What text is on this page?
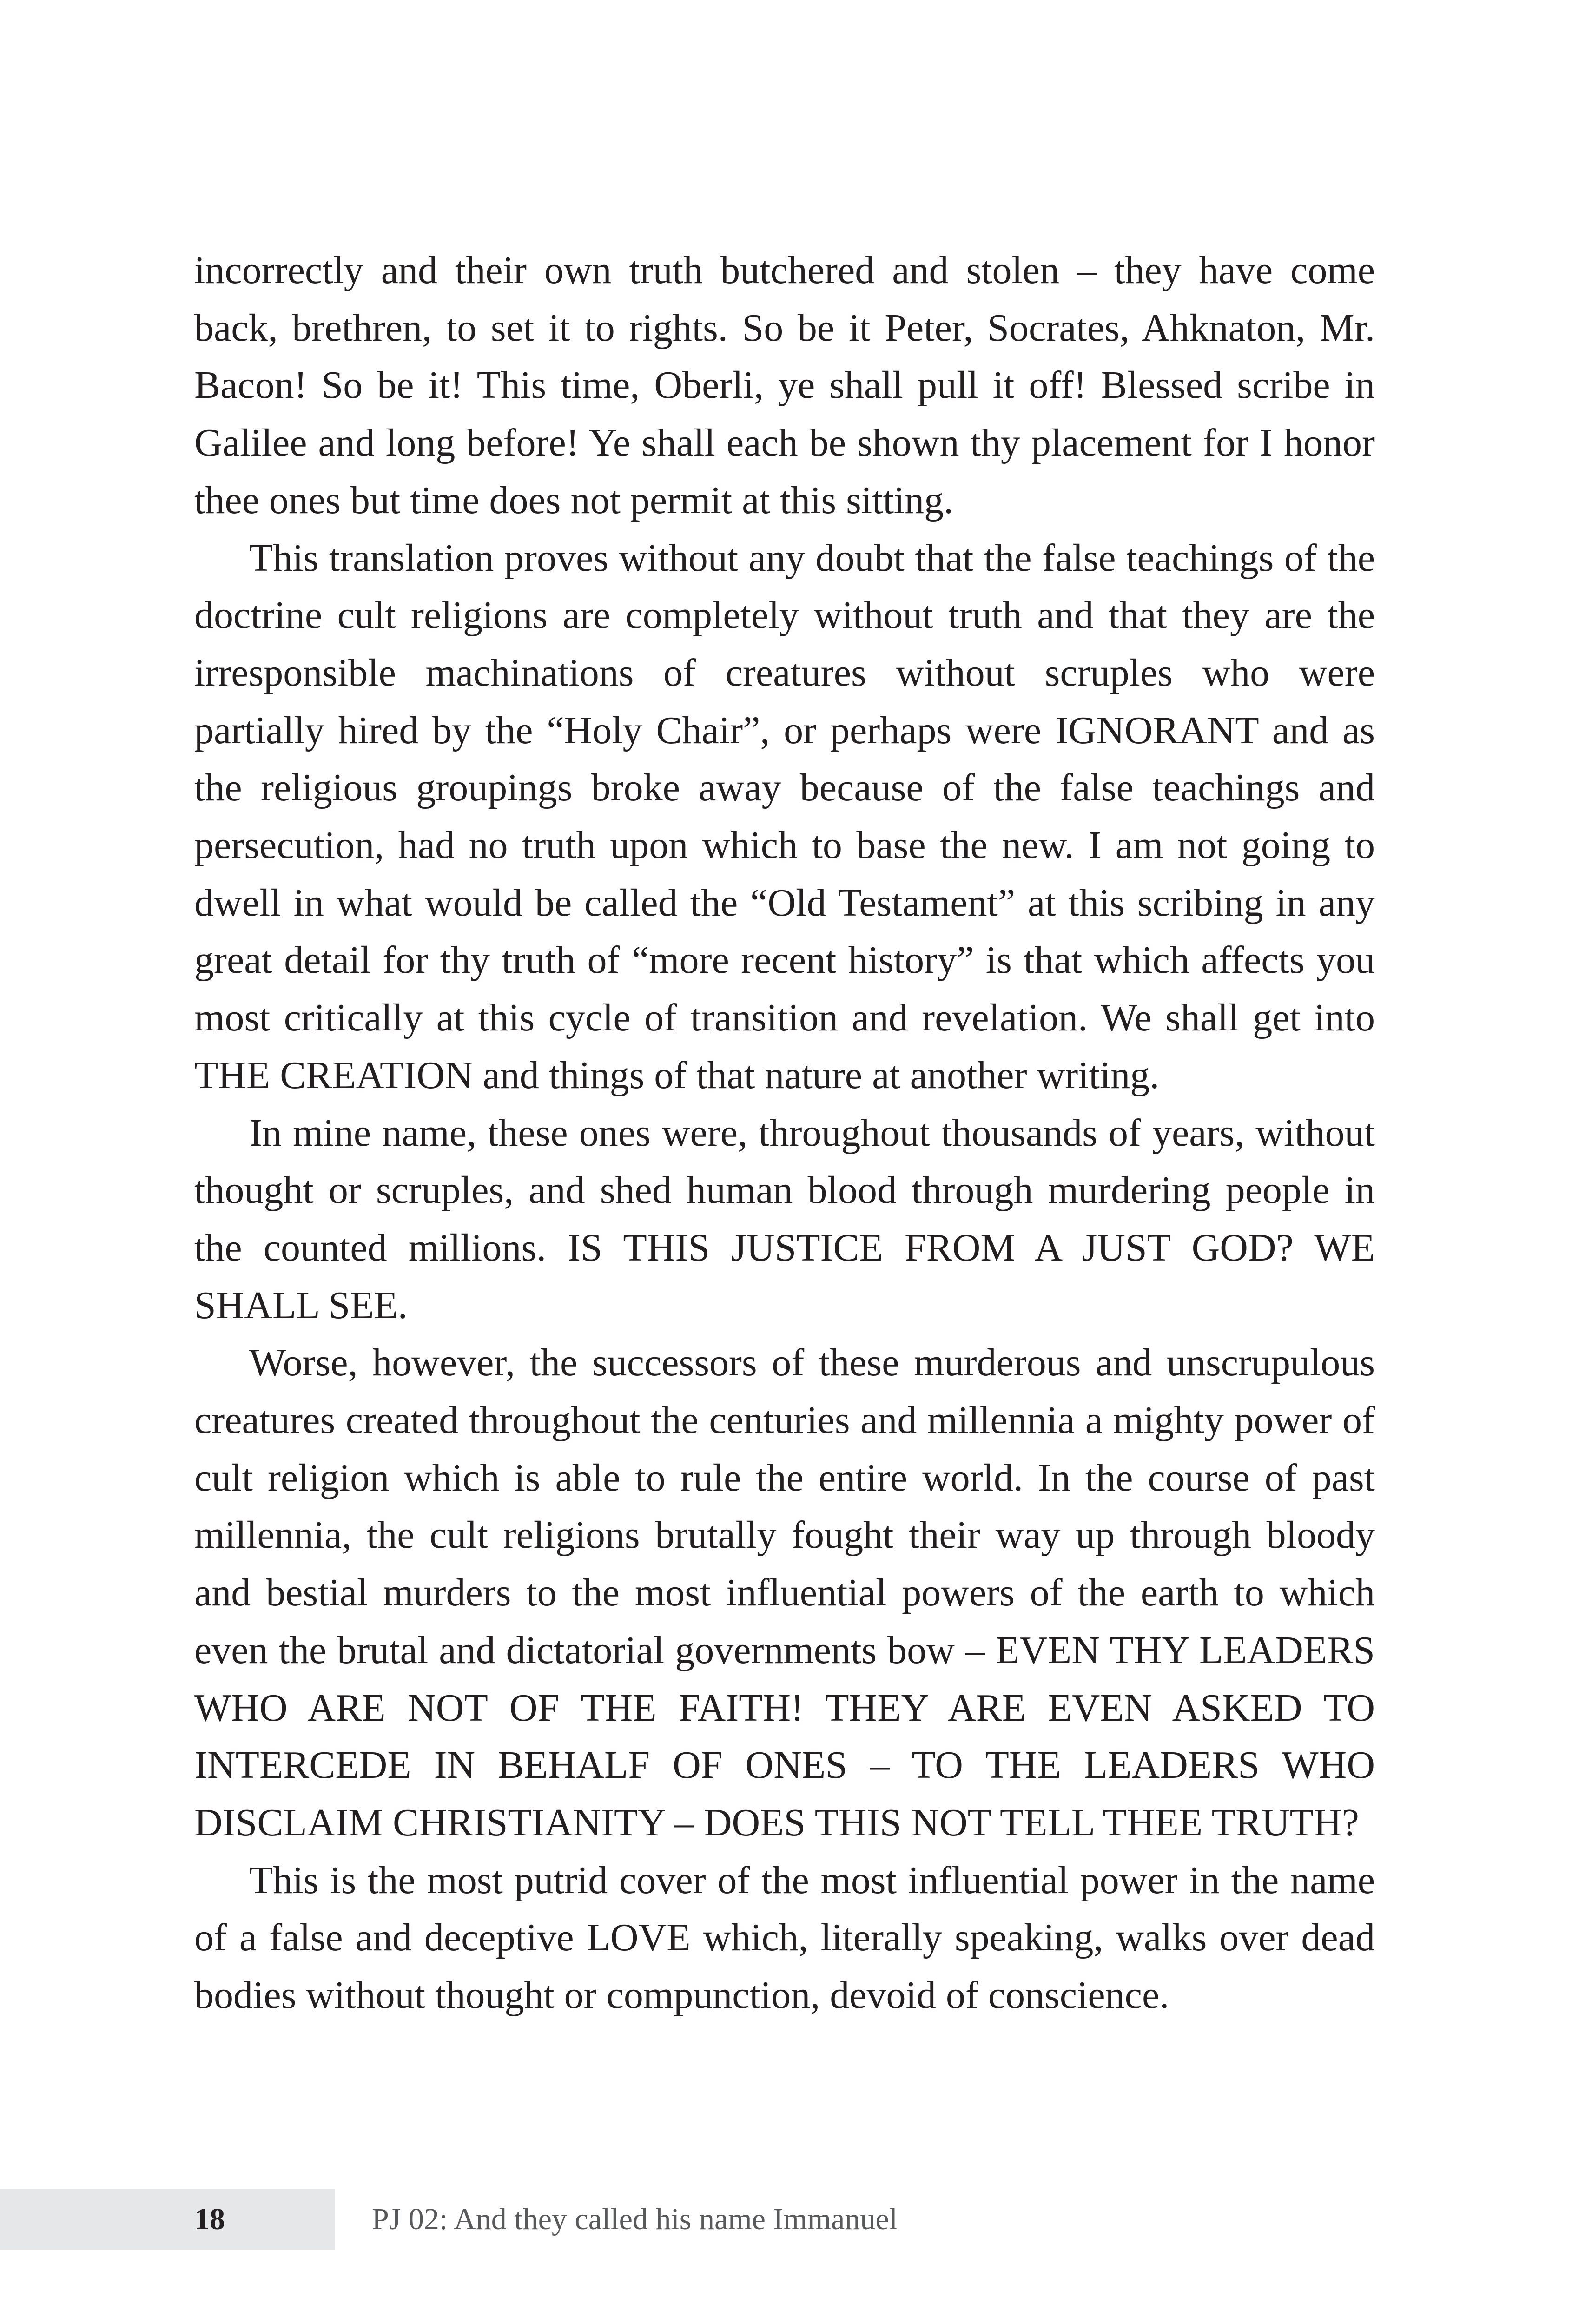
incorrectly and their own truth butchered and stolen – they have come back, brethren, to set it to rights. So be it Peter, Socrates, Ahknaton, Mr. Bacon! So be it! This time, Oberli, ye shall pull it off! Blessed scribe in Galilee and long before! Ye shall each be shown thy placement for I honor thee ones but time does not permit at this sitting.

This translation proves without any doubt that the false teachings of the doctrine cult religions are completely without truth and that they are the irresponsible machinations of creatures without scruples who were partially hired by the “Holy Chair”, or perhaps were IGNORANT and as the religious groupings broke away because of the false teachings and persecution, had no truth upon which to base the new. I am not going to dwell in what would be called the “Old Testament” at this scribing in any great detail for thy truth of “more recent history” is that which affects you most critically at this cycle of transition and revelation. We shall get into THE CREATION and things of that nature at another writing.

In mine name, these ones were, throughout thousands of years, without thought or scruples, and shed human blood through murdering people in the counted millions. IS THIS JUSTICE FROM A JUST GOD? WE SHALL SEE.

Worse, however, the successors of these murderous and unscrupulous creatures created throughout the centuries and millennia a mighty power of cult religion which is able to rule the entire world. In the course of past millennia, the cult religions brutally fought their way up through bloody and bestial murders to the most influential powers of the earth to which even the brutal and dictatorial governments bow – EVEN THY LEADERS WHO ARE NOT OF THE FAITH! THEY ARE EVEN ASKED TO INTERCEDE IN BEHALF OF ONES – TO THE LEADERS WHO DISCLAIM CHRISTIANITY – DOES THIS NOT TELL THEE TRUTH?

This is the most putrid cover of the most influential power in the name of a false and deceptive LOVE which, literally speaking, walks over dead bodies without thought or compunction, devoid of conscience.

18	PJ 02: And they called his name Immanuel
